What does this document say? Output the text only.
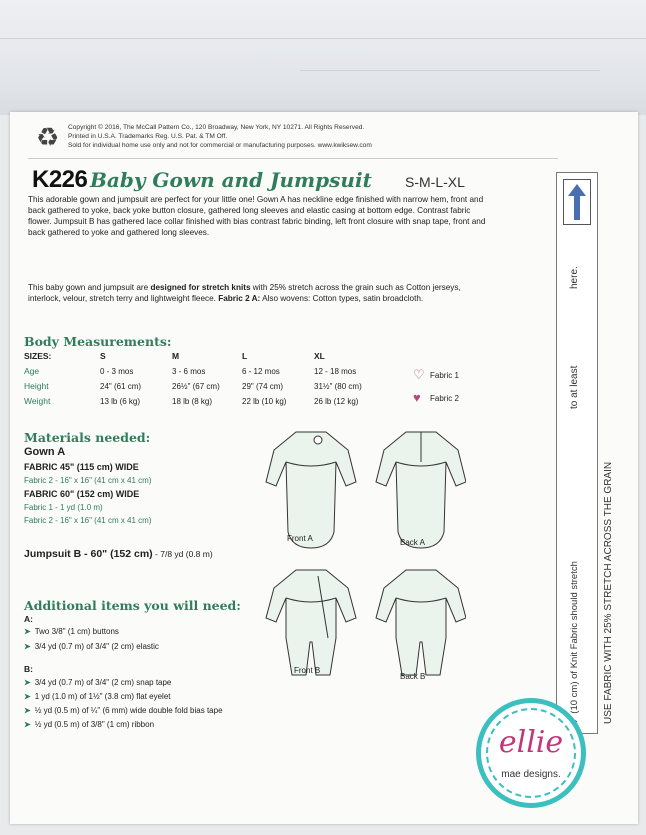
♻	Copyright © 2016, The McCall Pattern Co., 120 Broadway, New York, NY 10271. All Rights Reserved.
Printed in U.S.A. Trademarks Reg. U.S. Pat. & TM Off.
Sold for individual home use only and not for commercial or manufacturing purposes. www.kwiksew.com
K226 Baby Gown and Jumpsuit S-M-L-XL
This adorable gown and jumpsuit are perfect for your little one! Gown A has neckline edge finished with narrow hem, front and back gathered to yoke, back yoke button closure, gathered long sleeves and elastic casing at bottom edge. Contrast fabric flower. Jumpsuit B has gathered lace collar finished with bias contrast fabric binding, left front closure with snap tape, front and back gathered to yoke and gathered long sleeves.
This baby gown and jumpsuit are designed for stretch knits with 25% stretch across the grain such as Cotton jerseys, interlock, velour, stretch terry and lightweight fleece. Fabric 2 A: Also wovens: Cotton types, satin broadcloth.
Body Measurements:
SIZES:	S	M	L	XL
Age	0 - 3 mos	3 - 6 mos	6 - 12 mos	12 - 18 mos
Height	24" (61 cm)	26½" (67 cm)	29" (74 cm)	31½" (80 cm)
Weight	13 lb (6 kg)	18 lb (8 kg)	22 lb (10 kg)	26 lb (12 kg)
♡ Fabric 1
♥ Fabric 2
Materials needed:
Gown A
FABRIC 45" (115 cm) WIDE
Fabric 2 - 16" x 16" (41 cm x 41 cm)
FABRIC 60" (152 cm) WIDE
Fabric 1 - 1 yd (1.0 m)
Fabric 2 - 16" x 16" (41 cm x 41 cm)
Jumpsuit B - 60" (152 cm) - 7/8 yd (0.8 m)
Additional items you will need:
A:
➤ Two 3/8" (1 cm) buttons
➤ 3/4 yd (0.7 m) of 3/4" (2 cm) elastic
B:
➤ 3/4 yd (0.7 m) of 3/4" (2 cm) snap tape
➤ 1 yd (1.0 m) of 1½" (3.8 cm) flat eyelet
➤ ½ yd (0.5 m) of ¼" (6 mm) wide double fold bias tape
➤ ½ yd (0.5 m) of 3/8" (1 cm) ribbon
Front A	Back A
Front B
Back B
here.
to at least
4" (10 cm) of Knit Fabric should stretch USE FABRIC WITH 25% STRETCH ACROSS THE GRAIN
ellie
mae designs.
